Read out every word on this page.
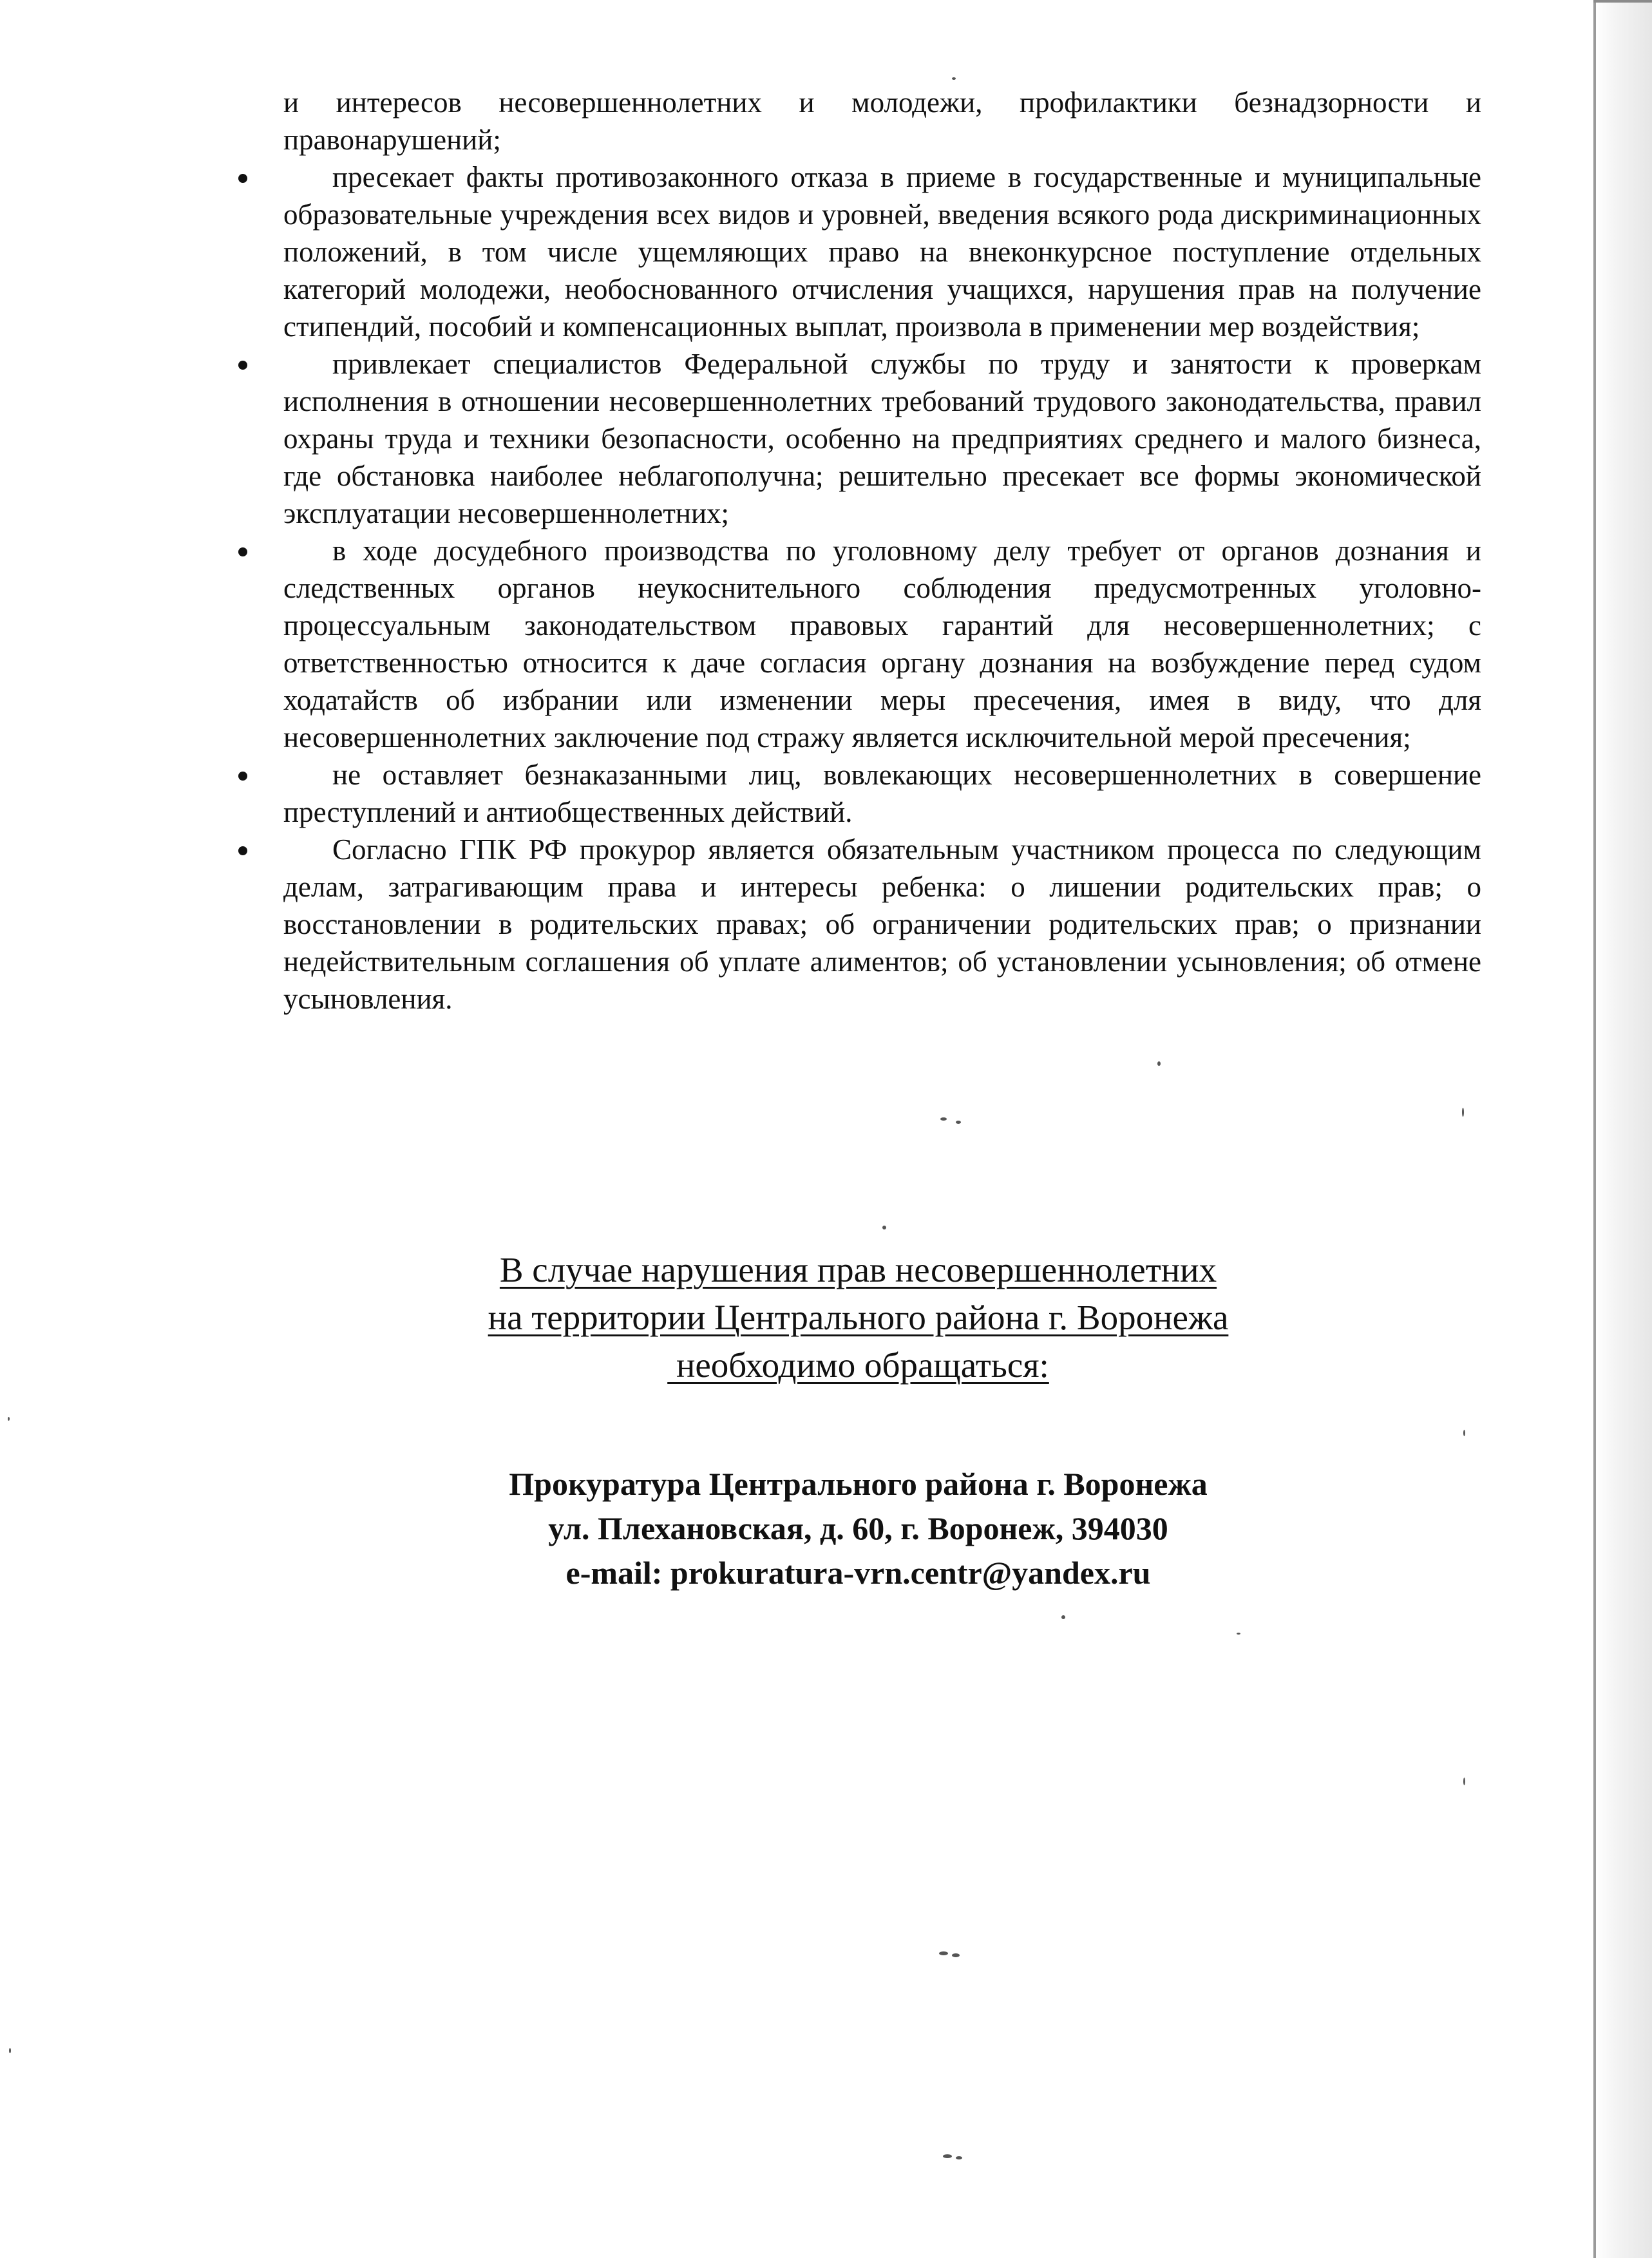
и интересов несовершеннолетних и молодежи, профилактики безнадзорности и правонарушений;

пресекает факты противозаконного отказа в приеме в государственные и муниципальные образовательные учреждения всех видов и уровней, введения всякого рода дискриминационных положений, в том числе ущемляющих право на внеконкурсное поступление отдельных категорий молодежи, необоснованного отчисления учащихся, нарушения прав на получение стипендий, пособий и компенсационных выплат, произвола в применении мер воздействия;
привлекает специалистов Федеральной службы по труду и занятости к проверкам исполнения в отношении несовершеннолетних требований трудового законодательства, правил охраны труда и техники безопасности, особенно на предприятиях среднего и малого бизнеса, где обстановка наиболее неблагополучна; решительно пресекает все формы экономической эксплуатации несовершеннолетних;
в ходе досудебного производства по уголовному делу требует от органов дознания и следственных органов неукоснительного соблюдения предусмотренных уголовно-процессуальным законодательством правовых гарантий для несовершеннолетних; с ответственностью относится к даче согласия органу дознания на возбуждение перед судом ходатайств об избрании или изменении меры пресечения, имея в виду, что для несовершеннолетних заключение под стражу является исключительной мерой пресечения;
не оставляет безнаказанными лиц, вовлекающих несовершеннолетних в совершение преступлений и антиобщественных действий.
Согласно ГПК РФ прокурор является обязательным участником процесса по следующим делам, затрагивающим права и интересы ребенка: о лишении родительских прав; о восстановлении в родительских правах; об ограничении родительских прав; о признании недействительным соглашения об уплате алиментов; об установлении усыновления; об отмене усыновления.
В случае нарушения прав несовершеннолетних
на территории Центрального района г. Воронежа
необходимо обращаться:
Прокуратура Центрального района г. Воронежа
ул. Плехановская, д. 60, г. Воронеж, 394030
e-mail: prokuratura-vrn.centr@yandex.ru
